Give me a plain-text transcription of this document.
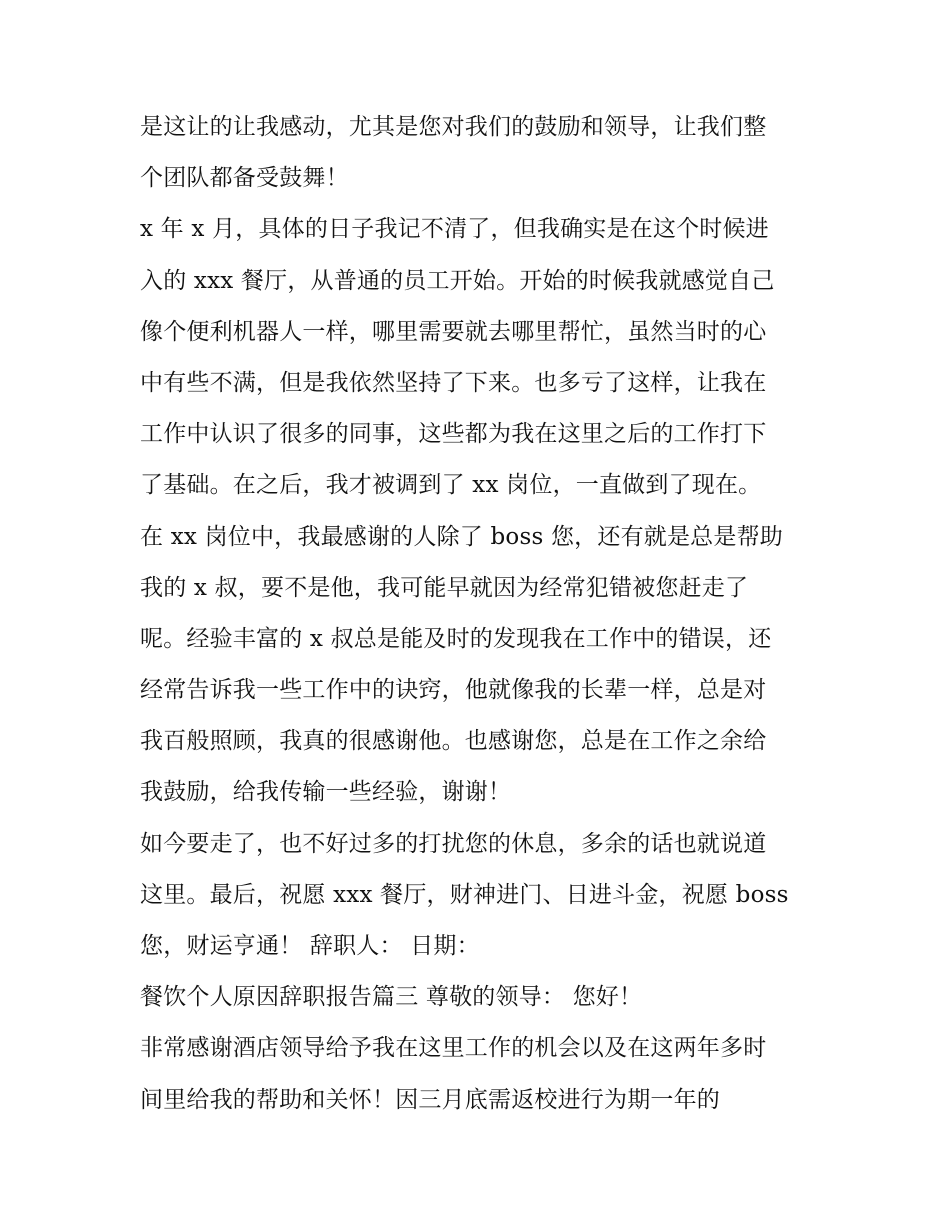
是这让的让我感动，尤其是您对我们的鼓励和领导，让我们整
个团队都备受鼓舞！
x 年 x 月，具体的日子我记不清了，但我确实是在这个时候进
入的 xxx 餐厅，从普通的员工开始。开始的时候我就感觉自己
像个便利机器人一样，哪里需要就去哪里帮忙，虽然当时的心
中有些不满，但是我依然坚持了下来。也多亏了这样，让我在
工作中认识了很多的同事，这些都为我在这里之后的工作打下
了基础。在之后，我才被调到了 xx 岗位，一直做到了现在。
在 xx 岗位中，我最感谢的人除了 boss 您，还有就是总是帮助
我的 x 叔，要不是他，我可能早就因为经常犯错被您赶走了
呢。经验丰富的 x 叔总是能及时的发现我在工作中的错误，还
经常告诉我一些工作中的诀窍，他就像我的长辈一样，总是对
我百般照顾，我真的很感谢他。也感谢您，总是在工作之余给
我鼓励，给我传输一些经验，谢谢！
如今要走了，也不好过多的打扰您的休息，多余的话也就说道
这里。最后，祝愿 xxx 餐厅，财神进门、日进斗金，祝愿 boss
您，财运亨通！ 辞职人： 日期：
餐饮个人原因辞职报告篇三 尊敬的领导： 您好！
非常感谢酒店领导给予我在这里工作的机会以及在这两年多时
间里给我的帮助和关怀！因三月底需返校进行为期一年的
